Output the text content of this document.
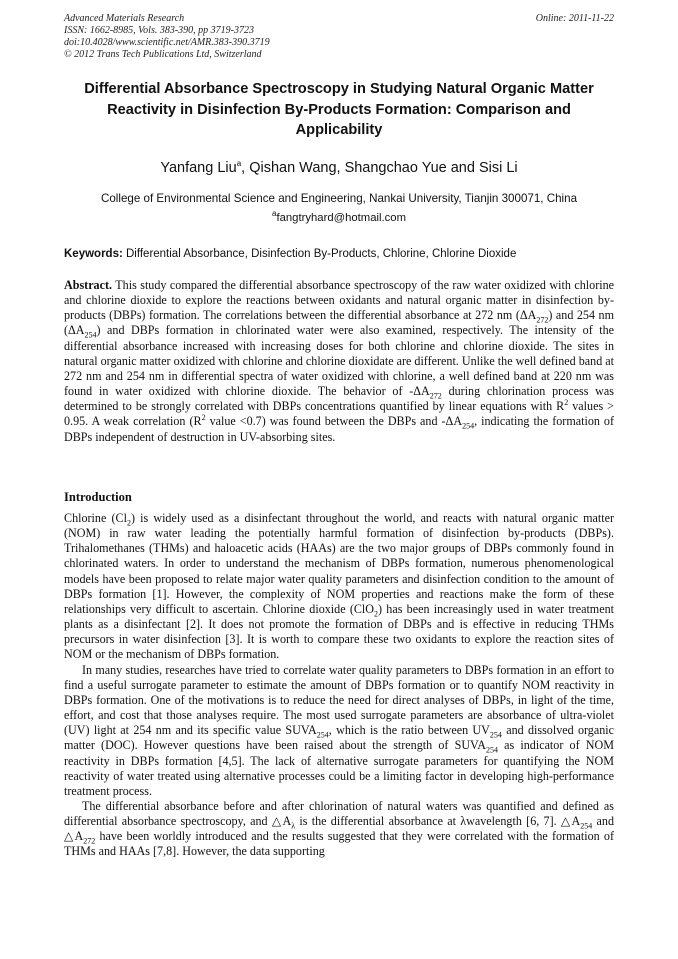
Advanced Materials Research
ISSN: 1662-8985, Vols. 383-390, pp 3719-3723
doi:10.4028/www.scientific.net/AMR.383-390.3719
© 2012 Trans Tech Publications Ltd, Switzerland
Online: 2011-11-22
Differential Absorbance Spectroscopy in Studying Natural Organic Matter Reactivity in Disinfection By-Products Formation: Comparison and Applicability
Yanfang Liu$^a$, Qishan Wang, Shangchao Yue and Sisi Li
College of Environmental Science and Engineering, Nankai University, Tianjin 300071, China
$^a$fangtryhard@hotmail.com
Keywords: Differential Absorbance, Disinfection By-Products, Chlorine, Chlorine Dioxide
Abstract. This study compared the differential absorbance spectroscopy of the raw water oxidized with chlorine and chlorine dioxide to explore the reactions between oxidants and natural organic matter in disinfection by-products (DBPs) formation. The correlations between the differential absorbance at 272 nm $(\Delta A_{272})$ and 254 nm $(\Delta A_{254})$ and DBPs formation in chlorinated water were also examined, respectively. The intensity of the differential absorbance increased with increasing doses for both chlorine and chlorine dioxide. The sites in natural organic matter oxidized with chlorine and chlorine dioxidate are different. Unlike the well defined band at 272 nm and 254 nm in differential spectra of water oxidized with chlorine, a well defined band at 220 nm was found in water oxidized with chlorine dioxide. The behavior of $-\Delta A_{272}$ during chlorination process was determined to be strongly correlated with DBPs concentrations quantified by linear equations with $R^2$ values > 0.95. A weak correlation ($R^2$ value <0.7) was found between the DBPs and $-\Delta A_{254}$, indicating the formation of DBPs independent of destruction in UV-absorbing sites.
Introduction

Chlorine $(Cl_2)$ is widely used as a disinfectant throughout the world, and reacts with natural organic matter (NOM) in raw water leading the potentially harmful formation of disinfection by-products (DBPs). Trihalomethanes (THMs) and haloacetic acids (HAAs) are the two major groups of DBPs commonly found in chlorinated waters. In order to understand the mechanism of DBPs formation, numerous phenomenological models have been proposed to relate major water quality parameters and disinfection condition to the amount of DBPs formation [1]. However, the complexity of NOM properties and reactions make the form of these relationships very difficult to ascertain. Chlorine dioxide (ClO$_2$) has been increasingly used in water treatment plants as a disinfectant [2]. It does not promote the formation of DBPs and is effective in reducing THMs precursors in water disinfection [3]. It is worth to compare these two oxidants to explore the reaction sites of NOM or the mechanism of DBPs formation.

In many studies, researches have tried to correlate water quality parameters to DBPs formation in an effort to find a useful surrogate parameter to estimate the amount of DBPs formation or to quantify NOM reactivity in DBPs formation. One of the motivations is to reduce the need for direct analyses of DBPs, in light of the time, effort, and cost that those analyses require. The most used surrogate parameters are absorbance of ultra-violet (UV) light at 254 nm and its specific value $SUVA_{254}$, which is the ratio between $UV_{254}$ and dissolved organic matter (DOC). However questions have been raised about the strength of $SUVA_{254}$ as indicator of NOM reactivity in DBPs formation [4,5]. The lack of alternative surrogate parameters for quantifying the NOM reactivity of water treated using alternative processes could be a limiting factor in developing high-performance treatment process.

The differential absorbance before and after chlorination of natural waters was quantified and defined as differential absorbance spectroscopy, and $\triangle A_\lambda$ is the differential absorbance at λwavelength [6, 7]. $\triangle A_{254}$ and $\triangle A_{272}$ have been worldly introduced and the results suggested that they were correlated with the formation of THMs and HAAs [7,8]. However, the data supporting
